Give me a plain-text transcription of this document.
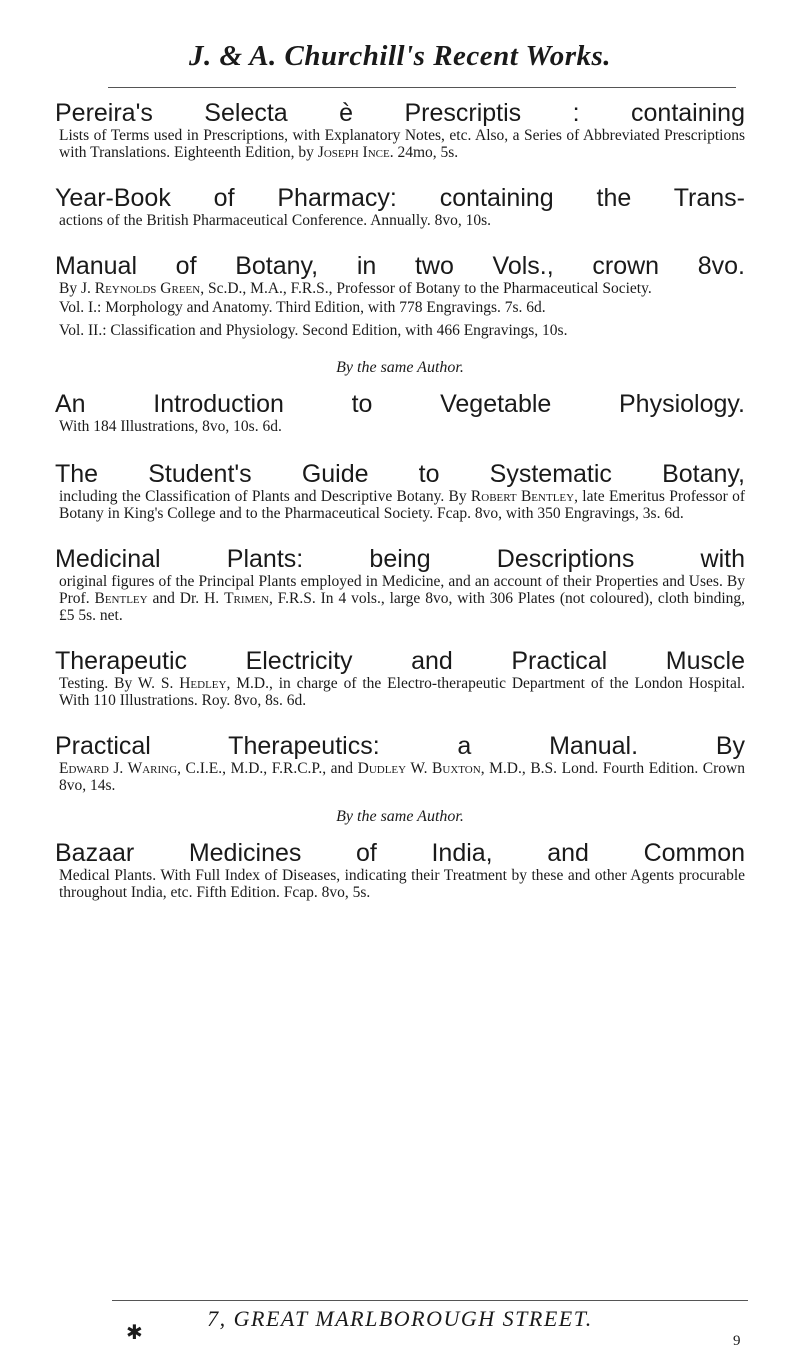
J. & A. Churchill's Recent Works.

Pereira's Selecta è Prescriptis : containing

Lists of Terms used in Prescriptions, with Explanatory Notes, etc. Also, a Series of Abbreviated Prescriptions with Translations. Eighteenth Edition, by Joseph Ince. 24mo, 5s.

Year-Book of Pharmacy: containing the Trans-

actions of the British Pharmaceutical Conference. Annually. 8vo, 10s.

Manual of Botany, in two Vols., crown 8vo.

By J. Reynolds Green, Sc.D., M.A., F.R.S., Professor of Botany to the Pharmaceutical Society.

Vol. I.: Morphology and Anatomy. Third Edition, with 778 Engravings. 7s. 6d.

Vol. II.: Classification and Physiology. Second Edition, with 466 Engravings, 10s.

By the same Author.

An Introduction to Vegetable Physiology.

With 184 Illustrations, 8vo, 10s. 6d.

The Student's Guide to Systematic Botany,

including the Classification of Plants and Descriptive Botany. By Robert Bentley, late Emeritus Professor of Botany in King's College and to the Pharmaceutical Society. Fcap. 8vo, with 350 Engravings, 3s. 6d.

Medicinal Plants: being Descriptions with

original figures of the Principal Plants employed in Medicine, and an account of their Properties and Uses. By Prof. Bentley and Dr. H. Trimen, F.R.S. In 4 vols., large 8vo, with 306 Plates (not coloured), cloth binding, £5 5s. net.

Therapeutic Electricity and Practical Muscle

Testing. By W. S. Hedley, M.D., in charge of the Electro-therapeutic Department of the London Hospital. With 110 Illustrations. Roy. 8vo, 8s. 6d.

Practical Therapeutics: a Manual. By

Edward J. Waring, C.I.E., M.D., F.R.C.P., and Dudley W. Buxton, M.D., B.S. Lond. Fourth Edition. Crown 8vo, 14s.

By the same Author.

Bazaar Medicines of India, and Common

Medical Plants. With Full Index of Diseases, indicating their Treatment by these and other Agents procurable throughout India, etc. Fifth Edition. Fcap. 8vo, 5s.

7, GREAT MARLBOROUGH STREET.
✱	9
